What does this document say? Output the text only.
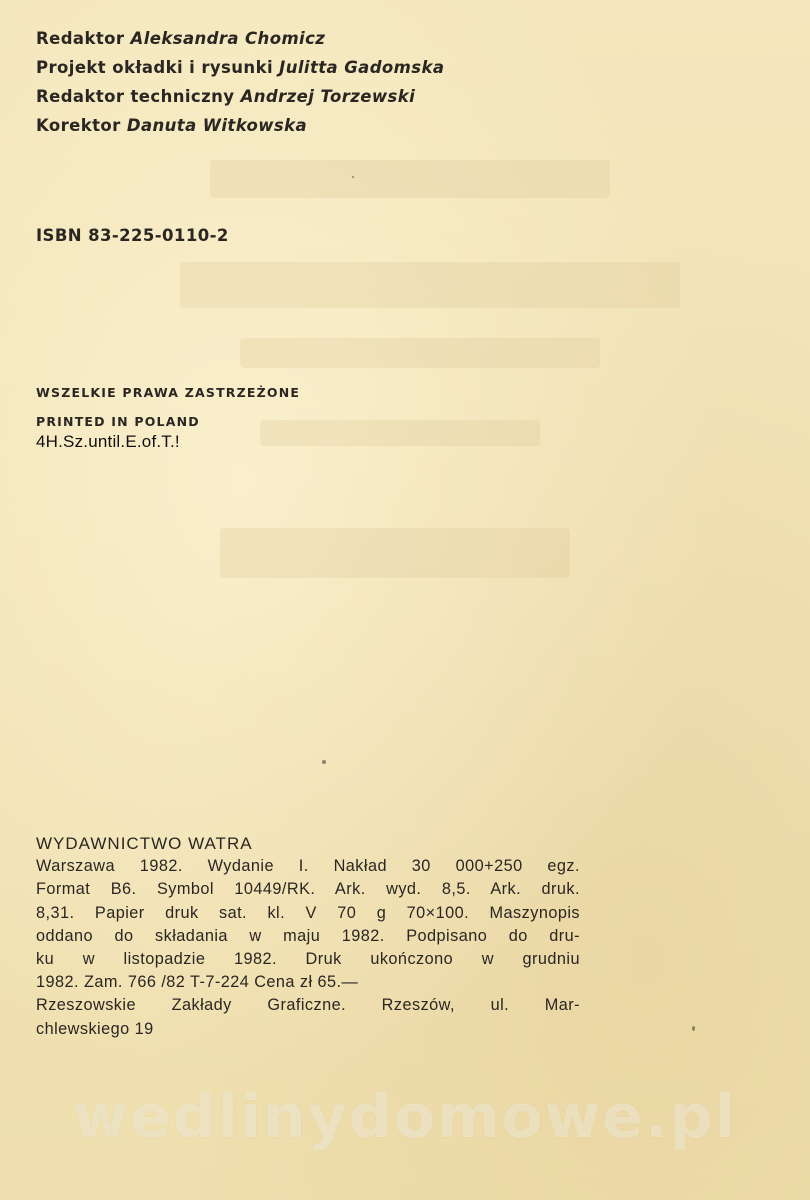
Redaktor Aleksandra Chomicz
Projekt okładki i rysunki Julitta Gadomska
Redaktor techniczny Andrzej Torzewski
Korektor Danuta Witkowska
ISBN 83-225-0110-2
WSZELKIE PRAWA ZASTRZEŻONE
PRINTED IN POLAND
4H.Sz.until.E.of.T.!
WYDAWNICTWO WATRA
Warszawa 1982. Wydanie I. Nakład 30 000+250 egz.
Format B6. Symbol 10449/RK. Ark. wyd. 8,5. Ark. druk.
8,31. Papier druk sat. kl. V 70 g 70×100. Maszynopis
oddano do składania w maju 1982. Podpisano do dru-
ku w listopadzie 1982. Druk ukończono w grudniu
1982. Zam. 766 /82 T-7-224 Cena zł 65.—
Rzeszowskie Zakłady Graficzne. Rzeszów, ul. Mar-
chlewskiego 19
wedlinydomowe.pl
